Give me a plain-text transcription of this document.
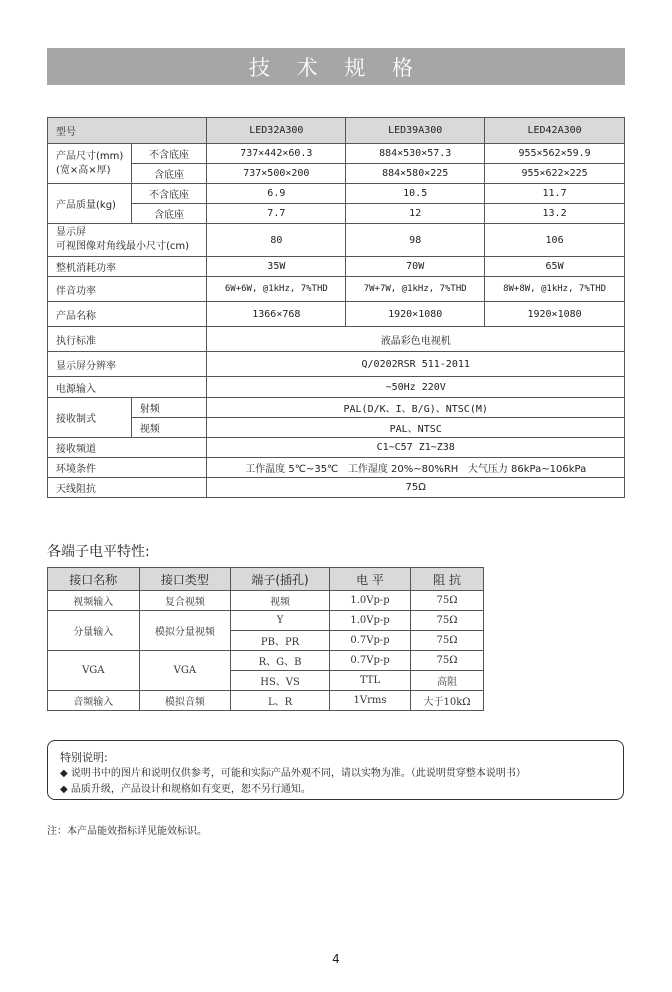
技 术 规 格
型号		LED32A300	LED39A300	LED42A300
产品尺寸(mm)
(宽×高×厚)	不含底座	737×442×60.3	884×530×57.3	955×562×59.9
	含底座	737×500×200	884×580×225	955×622×225
产品质量(kg)	不含底座	6.9	10.5	11.7
	含底座	7.7	12	13.2
显示屏
可视图像对角线最小尺寸(cm)		80	98	106
整机消耗功率		35W	70W	65W
伴音功率		6W+6W, @1kHz, 7%THD	7W+7W, @1kHz, 7%THD	8W+8W, @1kHz, 7%THD
产品名称		1366×768	1920×1080	1920×1080
执行标准		液晶彩色电视机		
显示屏分辨率		Q/0202RSR 511-2011		
电源输入		~50Hz 220V		
接收制式	射频	PAL(D/K、I、B/G)、NTSC(M)		
	视频	PAL、NTSC		
接收频道		C1~C57 Z1~Z38		
环境条件		工作温度 5℃~35℃   工作湿度 20%~80%RH   大气压力 86kPa~106kPa		
天线阻抗		75Ω		
各端子电平特性:
接口名称	接口类型	端子(插孔)	电 平	阻 抗
视频输入	复合视频	视频	1.0Vp-p	75Ω
分量输入	模拟分量视频	Y	1.0Vp-p	75Ω
		PB、PR	0.7Vp-p	75Ω
VGA	VGA	R、G、B	0.7Vp-p	75Ω
		HS、VS	TTL	高阻
音频输入	模拟音频	L、R	1Vrms	大于10kΩ
特别说明:
◆ 说明书中的图片和说明仅供参考，可能和实际产品外观不同，请以实物为准。（此说明贯穿整本说明书）
◆ 品质升级，产品设计和规格如有变更，恕不另行通知。
注：本产品能效指标详见能效标识。
4
